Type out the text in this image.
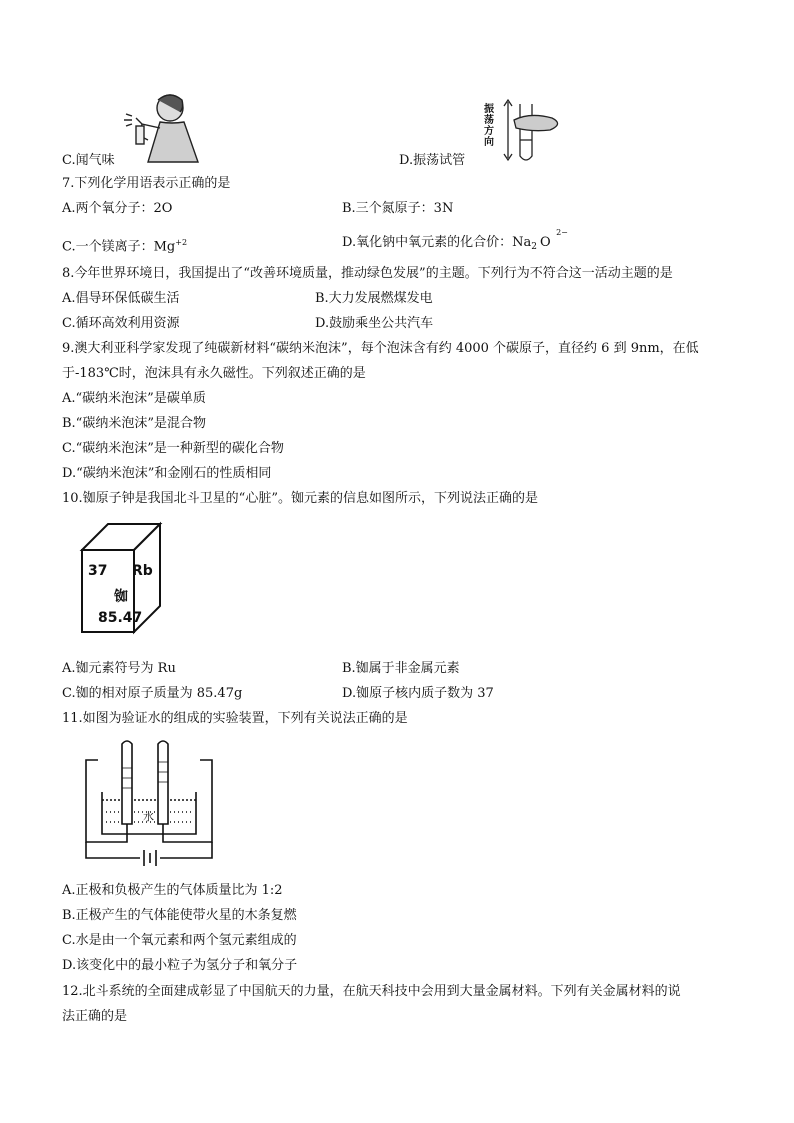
C.闻气味
振荡方向
D.振荡试管
7.下列化学用语表示正确的是
A.两个氧分子：2O	B.三个氮原子：3N
C.一个镁离子：$Mg^{+2}$	D.氧化钠中氧元素的化合价：$Na_2$ O
2−
8.今年世界环境日，我国提出了“改善环境质量，推动绿色发展”的主题。下列行为不符合这一活动主题的是
A.倡导环保低碳生活	B.大力发展燃煤发电
C.循环高效利用资源	D.鼓励乘坐公共汽车
9.澳大利亚科学家发现了纯碳新材料“碳纳米泡沫”，每个泡沫含有约 4000 个碳原子，直径约 6 到 9nm，在低
于-183℃时，泡沫具有永久磁性。下列叙述正确的是
A.“碳纳米泡沫”是碳单质
B.“碳纳米泡沫”是混合物
C.“碳纳米泡沫”是一种新型的碳化合物
D.“碳纳米泡沫”和金刚石的性质相同
10.铷原子钟是我国北斗卫星的“心脏”。铷元素的信息如图所示，下列说法正确的是
37 Rb
铷
85.47
A.铷元素符号为 Ru	B.铷属于非金属元素
C.铷的相对原子质量为 85.47g	D.铷原子核内质子数为 37
11.如图为验证水的组成的实验装置，下列有关说法正确的是
水
A.正极和负极产生的气体质量比为 1:2
B.正极产生的气体能使带火星的木条复燃
C.水是由一个氧元素和两个氢元素组成的
D.该变化中的最小粒子为氢分子和氧分子
12.北斗系统的全面建成彰显了中国航天的力量，在航天科技中会用到大量金属材料。下列有关金属材料的说
法正确的是
